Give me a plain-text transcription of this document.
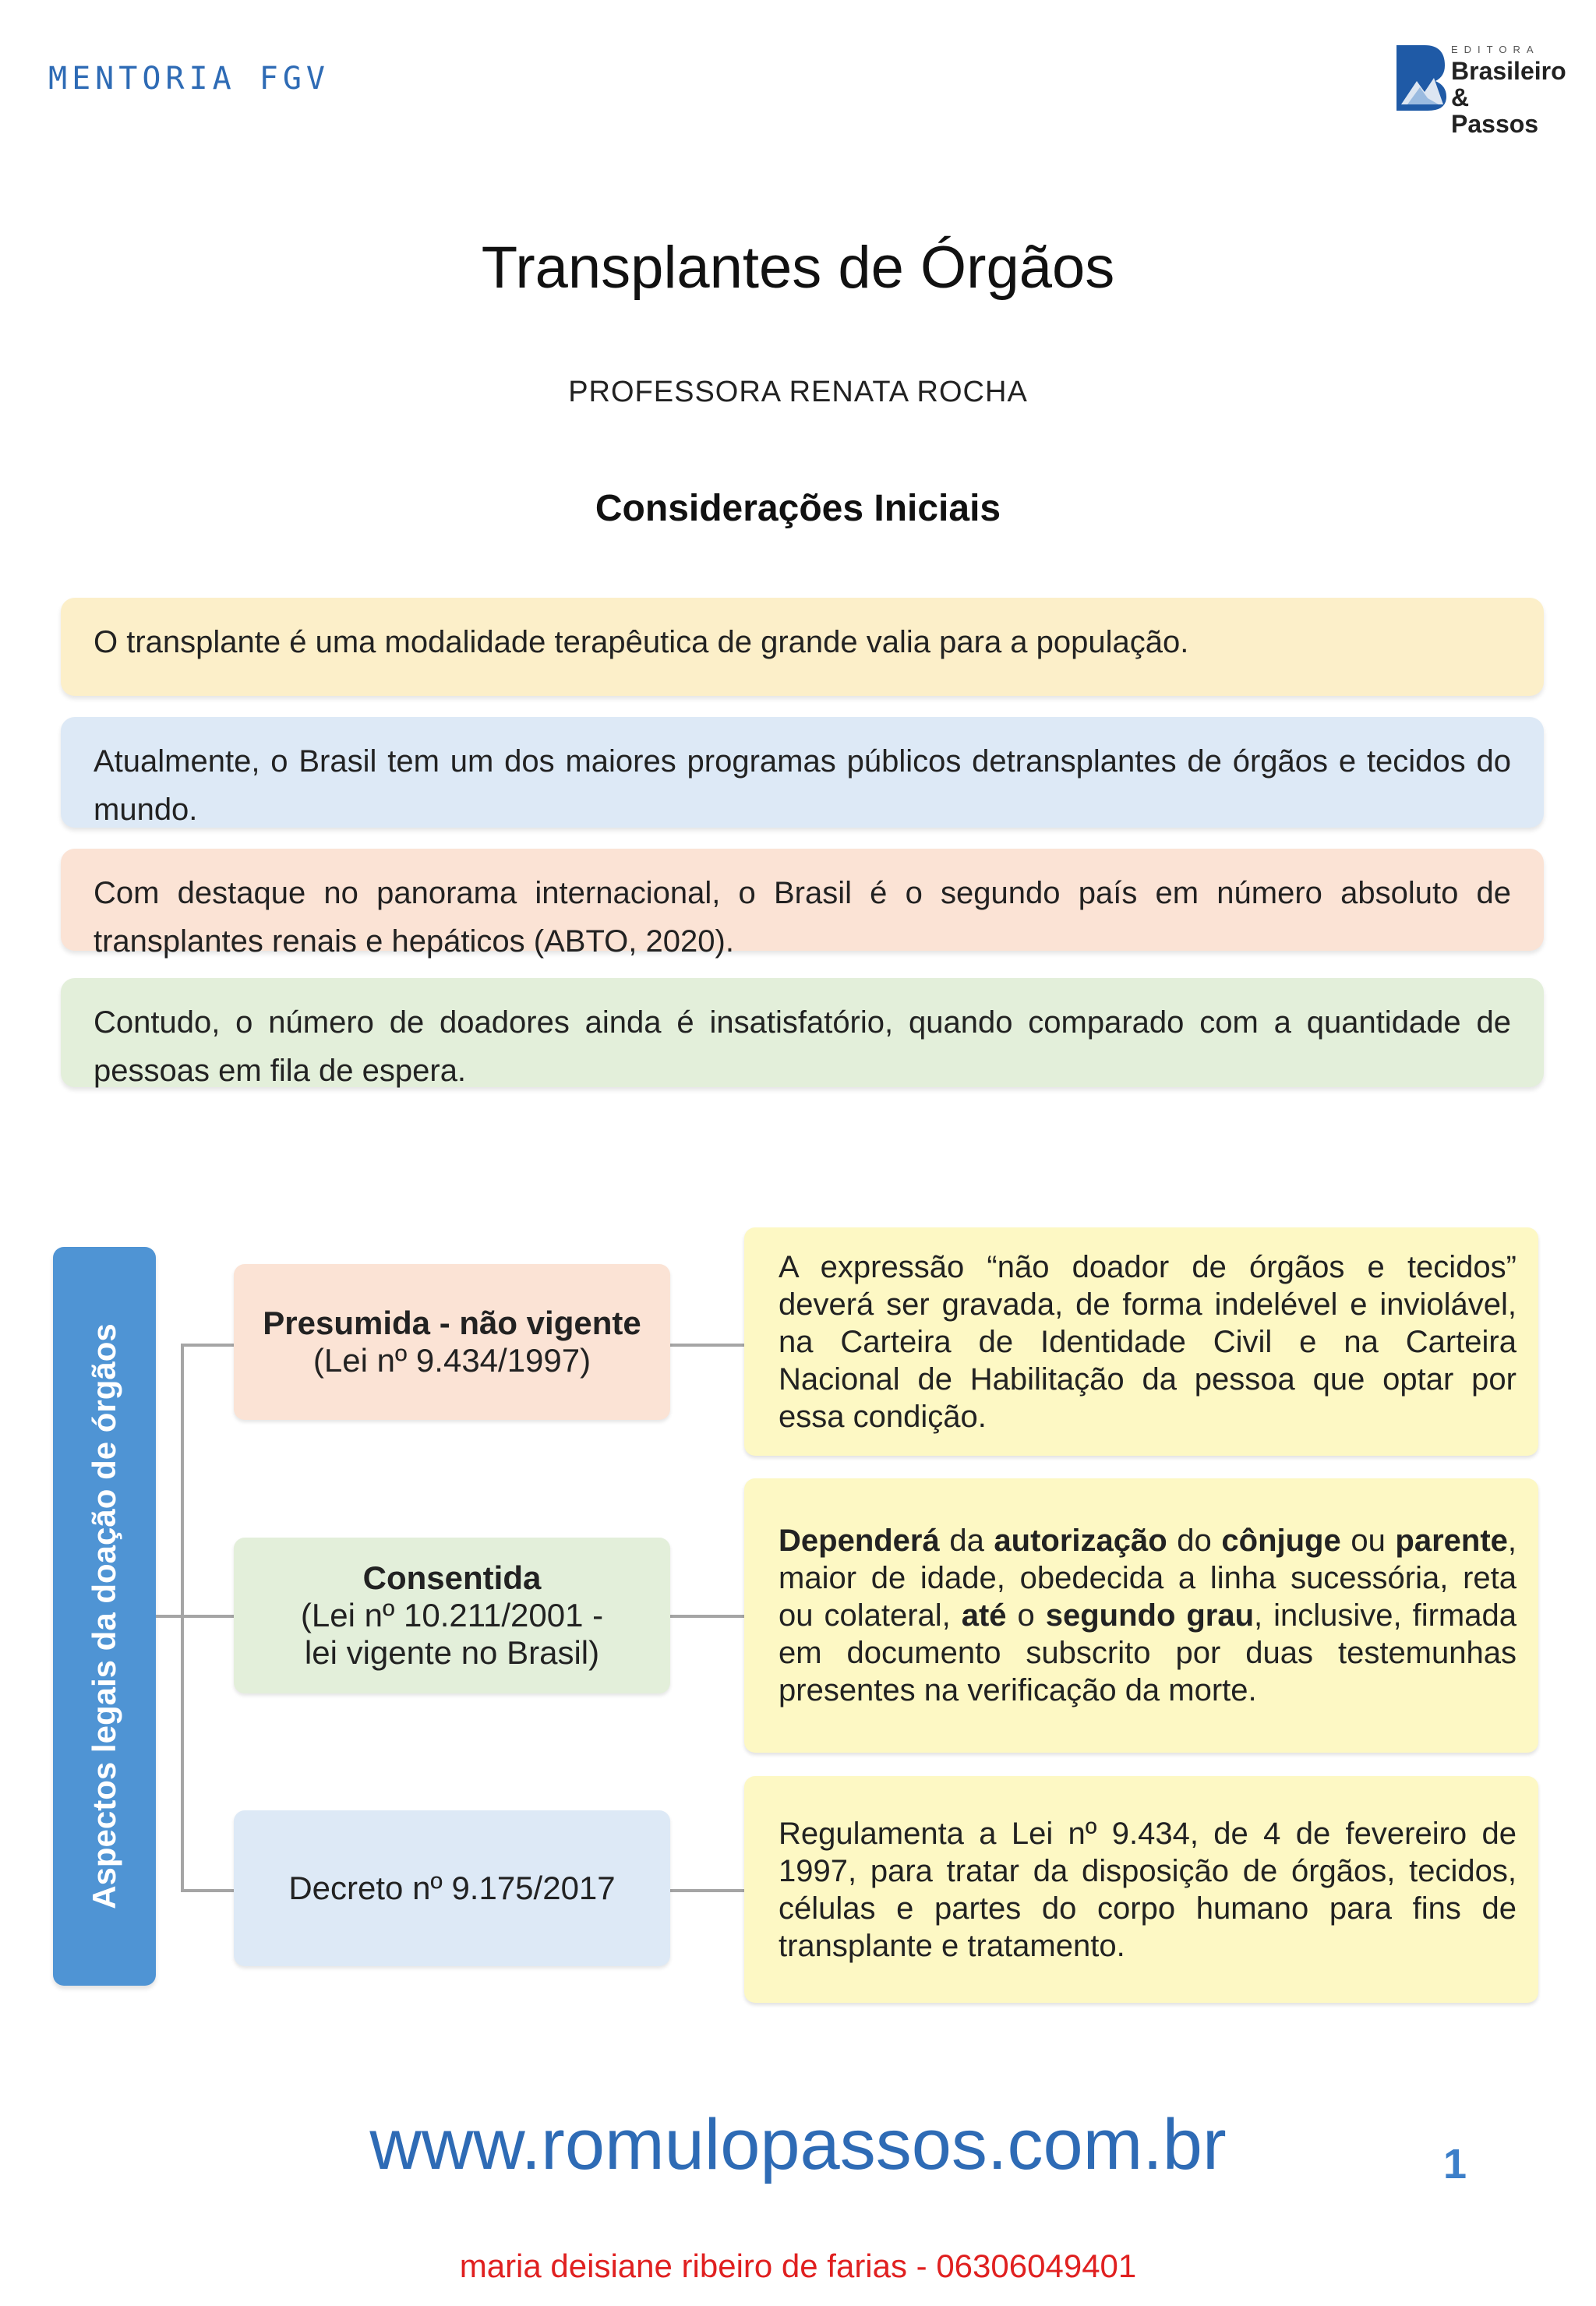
MENTORIA FGV
EDITORA
Brasileiro
& Passos
Transplantes de Órgãos
PROFESSORA RENATA ROCHA
Considerações Iniciais
O transplante é uma modalidade terapêutica de grande valia para a população.
Atualmente, o Brasil tem um dos maiores programas públicos detransplantes de órgãos e tecidos do mundo.
Com destaque no panorama internacional, o Brasil é o segundo país em número absoluto de transplantes renais e hepáticos (ABTO, 2020).
Contudo, o número de doadores ainda é insatisfatório, quando comparado com a quantidade de pessoas em fila de espera.
Aspectos legais da doação de órgãos
Presumida - não vigente
(Lei nº 9.434/1997)
Consentida
(Lei nº 10.211/2001 - lei vigente no Brasil)
Decreto nº 9.175/2017
A expressão “não doador de órgãos e tecidos” deverá ser gravada, de forma indelével e inviolável, na Carteira de Identidade Civil e na Carteira Nacional de Habilitação da pessoa que optar por essa condição.
Dependerá da autorização do cônjuge ou parente, maior de idade, obedecida a linha sucessória, reta ou colateral, até o segundo grau, inclusive, firmada em documento subscrito por duas testemunhas presentes na verificação da morte.
Regulamenta a Lei nº 9.434, de 4 de fevereiro de 1997, para tratar da disposição de órgãos, tecidos, células e partes do corpo humano para fins de transplante e tratamento.
www.romulopassos.com.br	1
maria deisiane ribeiro de farias - 06306049401
